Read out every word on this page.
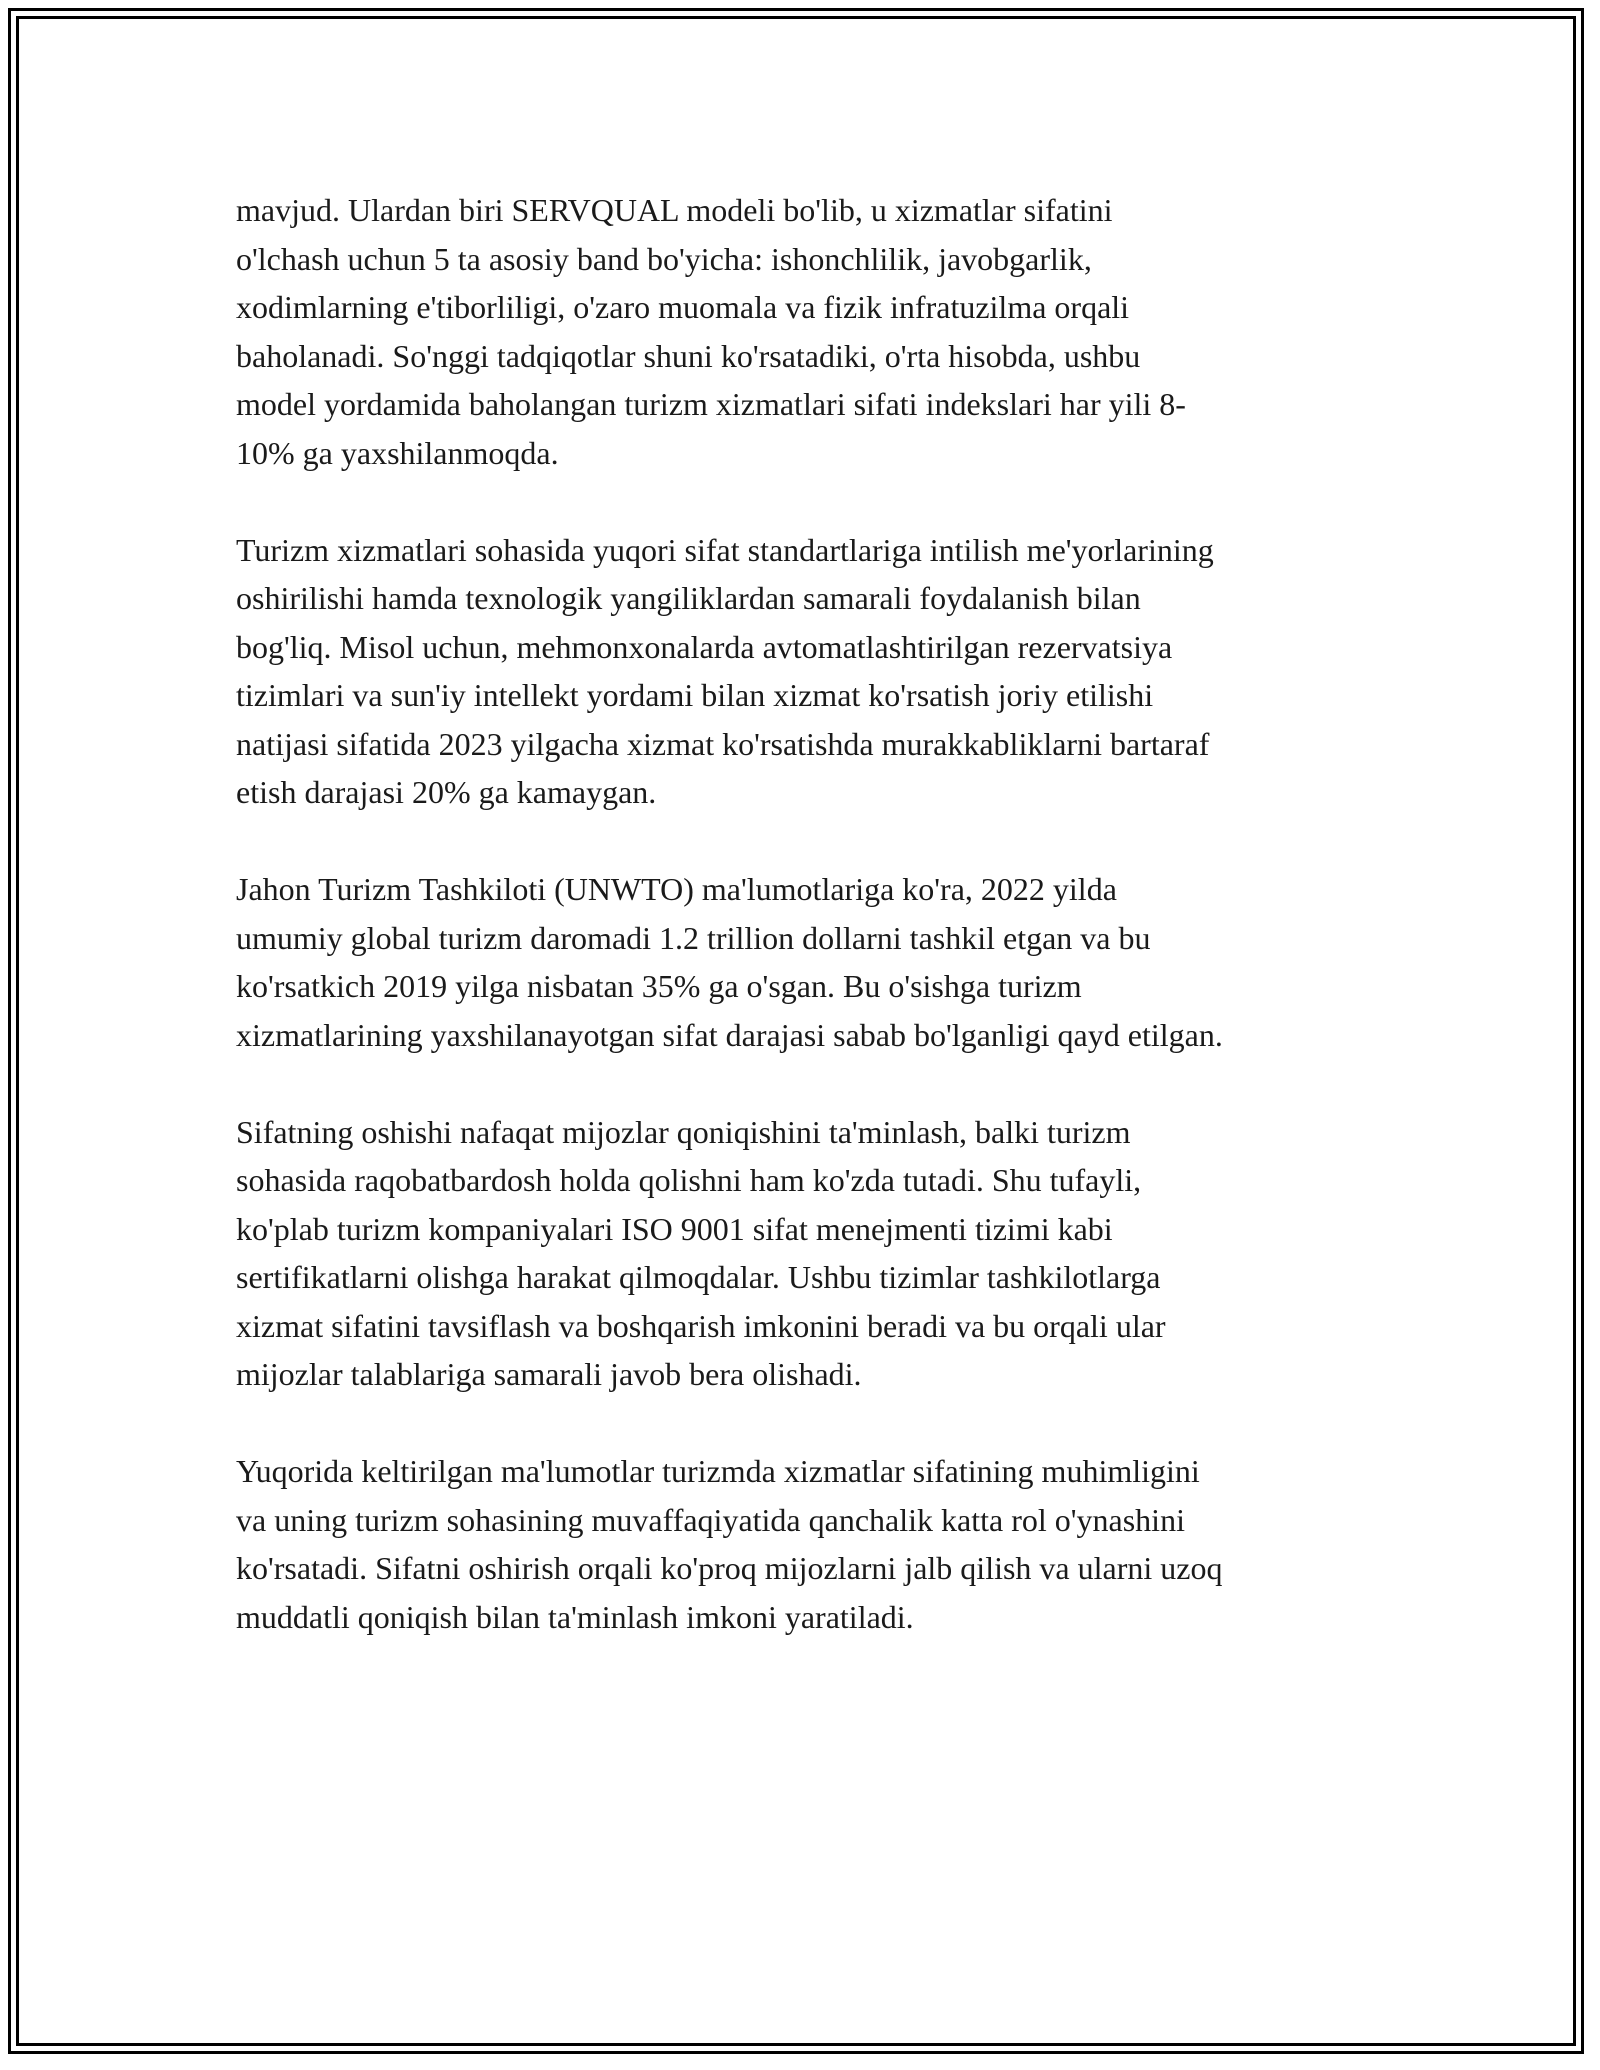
mavjud. Ulardan biri SERVQUAL modeli bo'lib, u xizmatlar sifatini
o'lchash uchun 5 ta asosiy band bo'yicha: ishonchlilik, javobgarlik,
xodimlarning e'tiborliligi, o'zaro muomala va fizik infratuzilma orqali
baholanadi. So'nggi tadqiqotlar shuni ko'rsatadiki, o'rta hisobda, ushbu
model yordamida baholangan turizm xizmatlari sifati indekslari har yili 8-
10% ga yaxshilanmoqda.

Turizm xizmatlari sohasida yuqori sifat standartlariga intilish me'yorlarining
oshirilishi hamda texnologik yangiliklardan samarali foydalanish bilan
bog'liq. Misol uchun, mehmonxonalarda avtomatlashtirilgan rezervatsiya
tizimlari va sun'iy intellekt yordami bilan xizmat ko'rsatish joriy etilishi
natijasi sifatida 2023 yilgacha xizmat ko'rsatishda murakkabliklarni bartaraf
etish darajasi 20% ga kamaygan.

Jahon Turizm Tashkiloti (UNWTO) ma'lumotlariga ko'ra, 2022 yilda
umumiy global turizm daromadi 1.2 trillion dollarni tashkil etgan va bu
ko'rsatkich 2019 yilga nisbatan 35% ga o'sgan. Bu o'sishga turizm
xizmatlarining yaxshilanayotgan sifat darajasi sabab bo'lganligi qayd etilgan.

Sifatning oshishi nafaqat mijozlar qoniqishini ta'minlash, balki turizm
sohasida raqobatbardosh holda qolishni ham ko'zda tutadi. Shu tufayli,
ko'plab turizm kompaniyalari ISO 9001 sifat menejmenti tizimi kabi
sertifikatlarni olishga harakat qilmoqdalar. Ushbu tizimlar tashkilotlarga
xizmat sifatini tavsiflash va boshqarish imkonini beradi va bu orqali ular
mijozlar talablariga samarali javob bera olishadi.

Yuqorida keltirilgan ma'lumotlar turizmda xizmatlar sifatining muhimligini
va uning turizm sohasining muvaffaqiyatida qanchalik katta rol o'ynashini
ko'rsatadi. Sifatni oshirish orqali ko'proq mijozlarni jalb qilish va ularni uzoq
muddatli qoniqish bilan ta'minlash imkoni yaratiladi.
